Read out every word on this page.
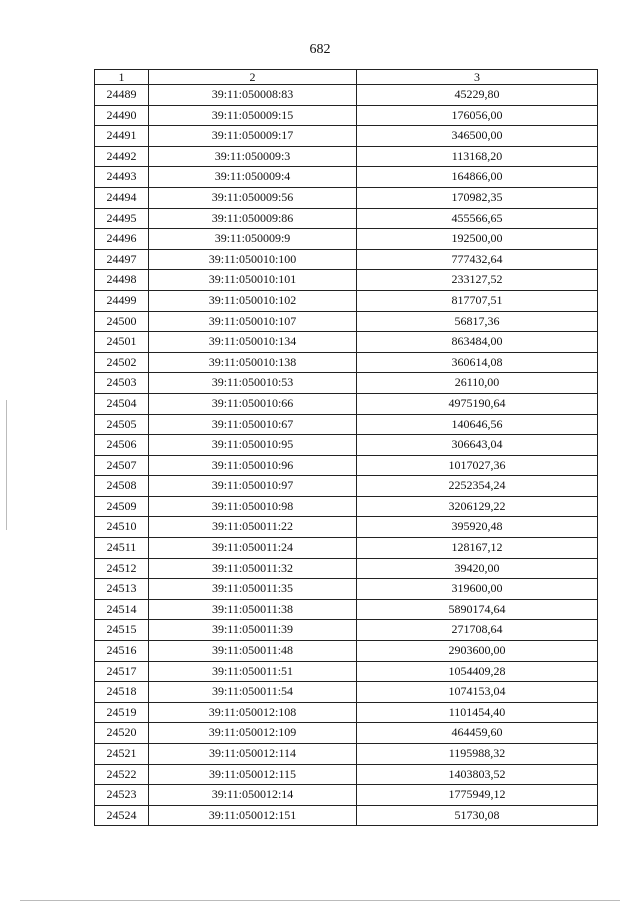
682
1	2	3
24489	39:11:050008:83	45229,80
24490	39:11:050009:15	176056,00
24491	39:11:050009:17	346500,00
24492	39:11:050009:3	113168,20
24493	39:11:050009:4	164866,00
24494	39:11:050009:56	170982,35
24495	39:11:050009:86	455566,65
24496	39:11:050009:9	192500,00
24497	39:11:050010:100	777432,64
24498	39:11:050010:101	233127,52
24499	39:11:050010:102	817707,51
24500	39:11:050010:107	56817,36
24501	39:11:050010:134	863484,00
24502	39:11:050010:138	360614,08
24503	39:11:050010:53	26110,00
24504	39:11:050010:66	4975190,64
24505	39:11:050010:67	140646,56
24506	39:11:050010:95	306643,04
24507	39:11:050010:96	1017027,36
24508	39:11:050010:97	2252354,24
24509	39:11:050010:98	3206129,22
24510	39:11:050011:22	395920,48
24511	39:11:050011:24	128167,12
24512	39:11:050011:32	39420,00
24513	39:11:050011:35	319600,00
24514	39:11:050011:38	5890174,64
24515	39:11:050011:39	271708,64
24516	39:11:050011:48	2903600,00
24517	39:11:050011:51	1054409,28
24518	39:11:050011:54	1074153,04
24519	39:11:050012:108	1101454,40
24520	39:11:050012:109	464459,60
24521	39:11:050012:114	1195988,32
24522	39:11:050012:115	1403803,52
24523	39:11:050012:14	1775949,12
24524	39:11:050012:151	51730,08
